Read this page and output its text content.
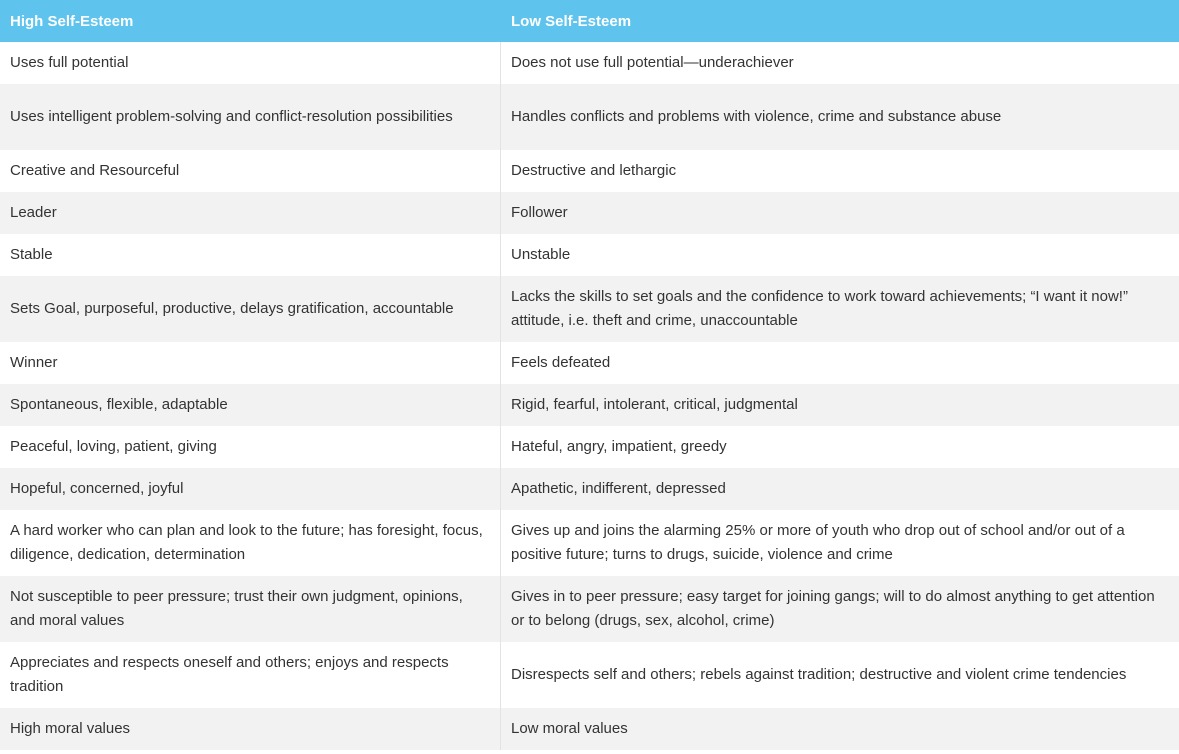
High Self-Esteem	Low Self-Esteem
Uses full potential	Does not use full potential—underachiever
Uses intelligent problem-solving and conflict-resolution possibilities	Handles conflicts and problems with violence, crime and substance abuse
Creative and Resourceful	Destructive and lethargic
Leader	Follower
Stable	Unstable
Sets Goal, purposeful, productive, delays gratification, accountable	Lacks the skills to set goals and the confidence to work toward achievements; “I want it now!” attitude, i.e. theft and crime, unaccountable
Winner	Feels defeated
Spontaneous, flexible, adaptable	Rigid, fearful, intolerant, critical, judgmental
Peaceful, loving, patient, giving	Hateful, angry, impatient, greedy
Hopeful, concerned, joyful	Apathetic, indifferent, depressed
A hard worker who can plan and look to the future; has foresight, focus, diligence, dedication, determination	Gives up and joins the alarming 25% or more of youth who drop out of school and/or out of a positive future; turns to drugs, suicide, violence and crime
Not susceptible to peer pressure; trust their own judgment, opinions, and moral values	Gives in to peer pressure; easy target for joining gangs; will to do almost anything to get attention or to belong (drugs, sex, alcohol, crime)
Appreciates and respects oneself and others; enjoys and respects tradition	Disrespects self and others; rebels against tradition; destructive and violent crime tendencies
High moral values	Low moral values
